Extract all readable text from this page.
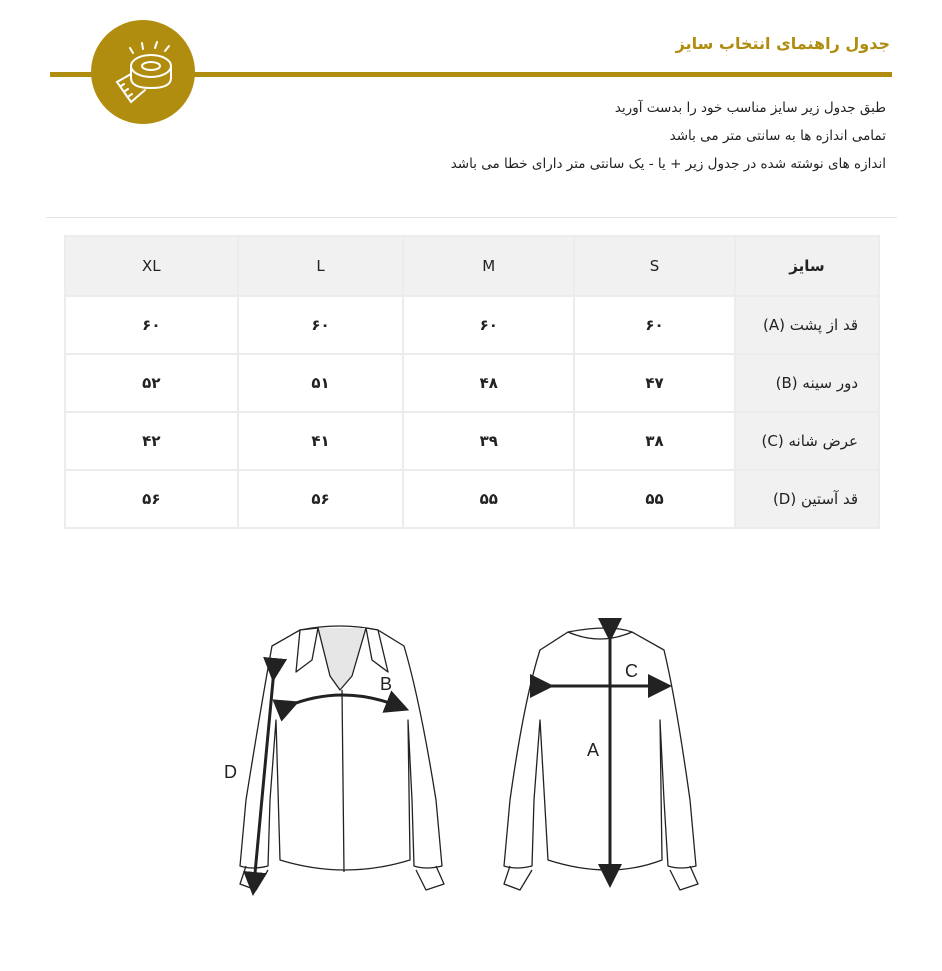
جدول راهنمای انتخاب سایز
طبق جدول زیر سایز مناسب خود را بدست آورید
تمامی اندازه ها به سانتی متر می باشد
اندازه های نوشته شده در جدول زیر + یا - یک سانتی متر دارای خطا می باشد
سایز	S	M	L	XL
قد از پشت (A)	۶۰	۶۰	۶۰	۶۰
دور سینه (B)	۴۷	۴۸	۵۱	۵۲
عرض شانه (C)	۳۸	۳۹	۴۱	۴۲
قد آستین (D)	۵۵	۵۵	۵۶	۵۶
B
D
C
A
